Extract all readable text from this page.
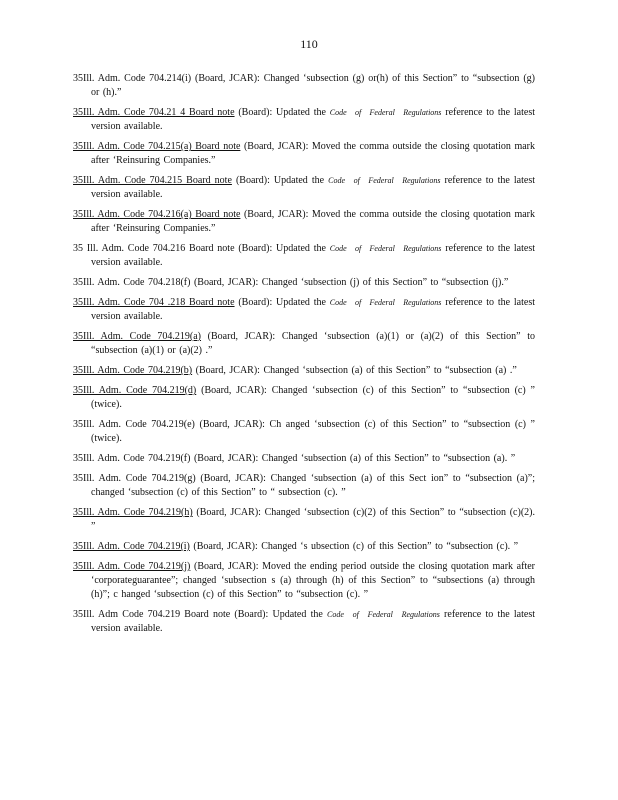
110
35Ill. Adm. Code 704.214(i) (Board, JCAR): Changed ‘subsection (g) or(h) of this Section” to “subsection (g) or (h).”
35Ill. Adm. Code 704.21 4 Board note (Board): Updated the Code of Federal Regulations reference to the latest version available.
35Ill. Adm. Code 704.215(a) Board note (Board, JCAR): Moved the comma outside the closing quotation mark after ‘Reinsuring Companies.”
35Ill. Adm. Code 704.215 Board note (Board): Updated the Code of Federal Regulations reference to the latest version available.
35Ill. Adm. Code 704.216(a) Board note (Board, JCAR): Moved the comma outside the closing quotation mark after ‘Reinsuring Companies.”
35 Ill. Adm. Code 704.216 Board note (Board): Updated the Code of Federal Regulations reference to the latest version available.
35Ill. Adm. Code 704.218(f) (Board, JCAR): Changed ‘subsection (j) of this Section” to “subsection (j).”
35Ill. Adm. Code 704 .218 Board note (Board): Updated the Code of Federal Regulations reference to the latest version available.
35Ill. Adm. Code 704.219(a) (Board, JCAR): Changed ‘subsection (a)(1) or (a)(2) of this Section” to “subsection (a)(1) or (a)(2) .”
35Ill. Adm. Code 704.219(b) (Board, JCAR): Changed ‘subsection (a) of this Section” to “subsection (a) .”
35Ill. Adm. Code 704.219(d) (Board, JCAR): Changed ‘subsection (c) of this Section” to “subsection (c) ” (twice).
35Ill. Adm. Code 704.219(e) (Board, JCAR): Ch anged ‘subsection (c) of this Section” to “subsection (c) ” (twice).
35Ill. Adm. Code 704.219(f) (Board, JCAR): Changed ‘subsection (a) of this Section” to “subsection (a). ”
35Ill. Adm. Code 704.219(g) (Board, JCAR): Changed ‘subsection (a) of this Sect ion” to “subsection (a)”; changed ‘subsection (c) of this Section” to “ subsection (c). ”
35Ill. Adm. Code 704.219(h) (Board, JCAR): Changed ‘subsection (c)(2) of this Section” to “subsection (c)(2). ”
35Ill. Adm. Code 704.219(i) (Board, JCAR): Changed ‘s ubsection (c) of this Section” to “subsection (c). ”
35Ill. Adm. Code 704.219(j) (Board, JCAR): Moved the ending period outside the closing quotation mark after ‘corporateguarantee”; changed ‘subsection s (a) through (h) of this Section” to “subsections (a) through (h)”; c hanged ‘subsection (c) of this Section” to “subsection (c). ”
35Ill. Adm Code 704.219 Board note (Board): Updated the Code of Federal Regulations reference to the latest version available.
